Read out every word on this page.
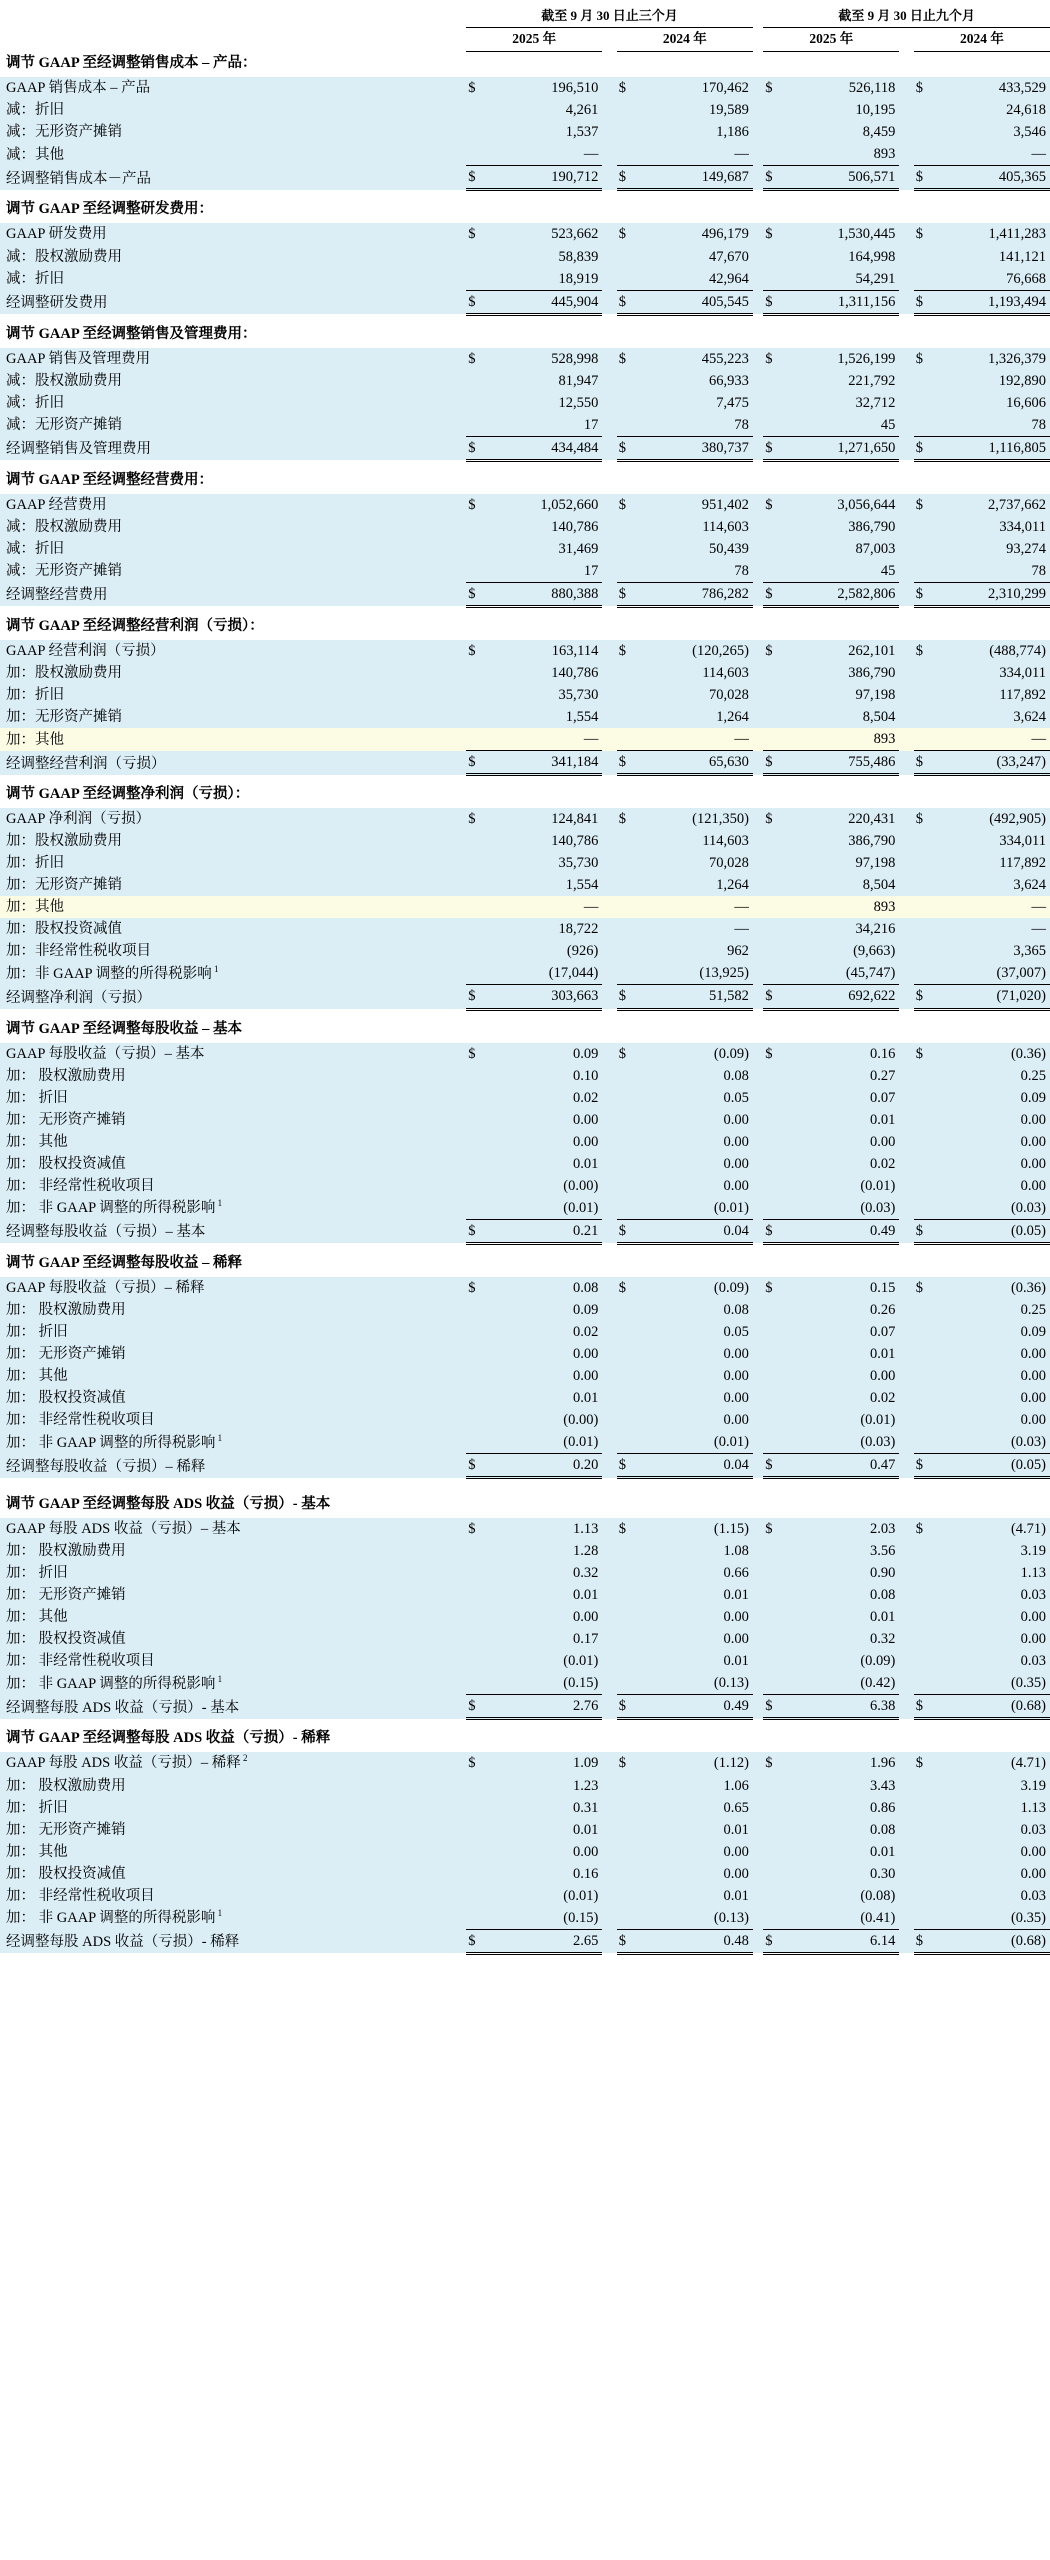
	截至 9 月 30 日止三个月				截至 9 月 30 日止九个月		
	2025 年		2024 年		2025 年		2024 年
调节 GAAP 至经调整销售成本 – 产品：											

GAAP 销售成本 – 产品	$	196,510		$	170,462		$	526,118		$	433,529
减：折旧		4,261			19,589			10,195			24,618
减：无形资产摊销		1,537			1,186			8,459			3,546
减：其他		—			—			893			—
经调整销售成本－产品	$	190,712		$	149,687		$	506,571		$	405,365

调节 GAAP 至经调整研发费用：											

GAAP 研发费用	$	523,662		$	496,179		$	1,530,445		$	1,411,283
减：股权激励费用		58,839			47,670			164,998			141,121
减：折旧		18,919			42,964			54,291			76,668
经调整研发费用	$	445,904		$	405,545		$	1,311,156		$	1,193,494

调节 GAAP 至经调整销售及管理费用：											

GAAP 销售及管理费用	$	528,998		$	455,223		$	1,526,199		$	1,326,379
减：股权激励费用		81,947			66,933			221,792			192,890
减：折旧		12,550			7,475			32,712			16,606
减：无形资产摊销		17			78			45			78
经调整销售及管理费用	$	434,484		$	380,737		$	1,271,650		$	1,116,805

调节 GAAP 至经调整经营费用：											

GAAP 经营费用	$	1,052,660		$	951,402		$	3,056,644		$	2,737,662
减：股权激励费用		140,786			114,603			386,790			334,011
减：折旧		31,469			50,439			87,003			93,274
减：无形资产摊销		17			78			45			78
经调整经营费用	$	880,388		$	786,282		$	2,582,806		$	2,310,299

调节 GAAP 至经调整经营利润（亏损）：											

GAAP 经营利润（亏损）	$	163,114		$	(120,265)		$	262,101		$	(488,774)
加：股权激励费用		140,786			114,603			386,790			334,011
加：折旧		35,730			70,028			97,198			117,892
加：无形资产摊销		1,554			1,264			8,504			3,624
加：其他		—			—			893			—
经调整经营利润（亏损）	$	341,184		$	65,630		$	755,486		$	(33,247)

调节 GAAP 至经调整净利润（亏损）：											

GAAP 净利润（亏损）	$	124,841		$	(121,350)		$	220,431		$	(492,905)
加：股权激励费用		140,786			114,603			386,790			334,011
加：折旧		35,730			70,028			97,198			117,892
加：无形资产摊销		1,554			1,264			8,504			3,624
加：其他		—			—			893			—
加：股权投资减值		18,722			—			34,216			—
加：非经常性税收项目		(926)			962			(9,663)			3,365
加：非 GAAP 调整的所得税影响 $^1$		(17,044)			(13,925)			(45,747)			(37,007)
经调整净利润（亏损）	$	303,663		$	51,582		$	692,622		$	(71,020)

调节 GAAP 至经调整每股收益 – 基本											

GAAP 每股收益（亏损）– 基本	$	0.09		$	(0.09)		$	0.16		$	(0.36)
加： 股权激励费用		0.10			0.08			0.27			0.25
加： 折旧		0.02			0.05			0.07			0.09
加： 无形资产摊销		0.00			0.00			0.01			0.00
加： 其他		0.00			0.00			0.00			0.00
加： 股权投资减值		0.01			0.00			0.02			0.00
加： 非经常性税收项目		(0.00)			0.00			(0.01)			0.00
加： 非 GAAP 调整的所得税影响 $^1$		(0.01)			(0.01)			(0.03)			(0.03)
经调整每股收益（亏损）– 基本	$	0.21		$	0.04		$	0.49		$	(0.05)

调节 GAAP 至经调整每股收益 – 稀释											

GAAP 每股收益（亏损）– 稀释	$	0.08		$	(0.09)		$	0.15		$	(0.36)
加： 股权激励费用		0.09			0.08			0.26			0.25
加： 折旧		0.02			0.05			0.07			0.09
加： 无形资产摊销		0.00			0.00			0.01			0.00
加： 其他		0.00			0.00			0.00			0.00
加： 股权投资减值		0.01			0.00			0.02			0.00
加： 非经常性税收项目		(0.00)			0.00			(0.01)			0.00
加： 非 GAAP 调整的所得税影响 $^1$		(0.01)			(0.01)			(0.03)			(0.03)
经调整每股收益（亏损）– 稀释	$	0.20		$	0.04		$	0.47		$	(0.05)

调节 GAAP 至经调整每股 ADS 收益（亏损）- 基本											

GAAP 每股 ADS 收益（亏损）– 基本	$	1.13		$	(1.15)		$	2.03		$	(4.71)
加： 股权激励费用		1.28			1.08			3.56			3.19
加： 折旧		0.32			0.66			0.90			1.13
加： 无形资产摊销		0.01			0.01			0.08			0.03
加： 其他		0.00			0.00			0.01			0.00
加： 股权投资减值		0.17			0.00			0.32			0.00
加： 非经常性税收项目		(0.01)			0.01			(0.09)			0.03
加： 非 GAAP 调整的所得税影响 $^1$		(0.15)			(0.13)			(0.42)			(0.35)
经调整每股 ADS 收益（亏损）- 基本	$	2.76		$	0.49		$	6.38		$	(0.68)

调节 GAAP 至经调整每股 ADS 收益（亏损）- 稀释											

GAAP 每股 ADS 收益（亏损）– 稀释 $^2$	$	1.09		$	(1.12)		$	1.96		$	(4.71)
加： 股权激励费用		1.23			1.06			3.43			3.19
加： 折旧		0.31			0.65			0.86			1.13
加： 无形资产摊销		0.01			0.01			0.08			0.03
加： 其他		0.00			0.00			0.01			0.00
加： 股权投资减值		0.16			0.00			0.30			0.00
加： 非经常性税收项目		(0.01)			0.01			(0.08)			0.03
加： 非 GAAP 调整的所得税影响 $^1$		(0.15)			(0.13)			(0.41)			(0.35)
经调整每股 ADS 收益（亏损）- 稀释	$	2.65		$	0.48		$	6.14		$	(0.68)
